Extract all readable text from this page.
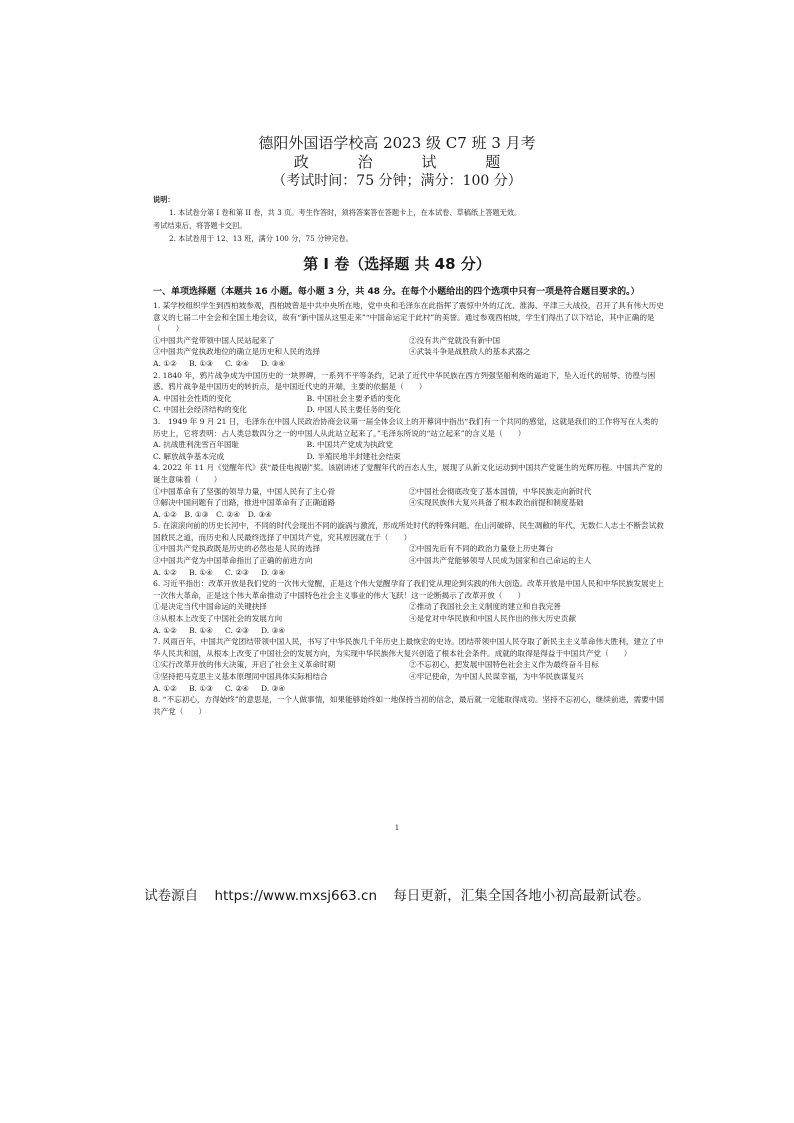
德阳外国语学校高 2023 级 C7 班 3 月考
政	治	试	题
（考试时间：75 分钟；满分：100 分）
说明：
1. 本试卷分第 I 卷和第 II 卷，共 3 页。考生作答时，须将答案答在答题卡上，在本试卷、草稿纸上答题无效。
考试结束后，将答题卡交回。
2. 本试卷用于 12、13 班，满分 100 分，75 分钟完卷。
第 I 卷（选择题 共 48 分）
一、单项选择题（本题共 16 小题。每小题 3 分，共 48 分。在每个小题给出的四个选项中只有一项是符合题目要求的。）
1. 某学校组织学生到西柏坡参观，西柏坡曾是中共中央所在地，党中央和毛泽东在此指挥了震惊中外的辽沈、淮海、平津三大战役，召开了具有伟大历史意义的七届二中全会和全国土地会议，故有“新中国从这里走来”“中国命运定于此村”的美誉。通过参观西柏坡，学生们得出了以下结论，其中正确的是（　　）
①中国共产党带领中国人民站起来了	②没有共产党就没有新中国
③中国共产党执政地位的确立是历史和人民的选择	④武装斗争是战胜敌人的基本武器之
A. ①② B. ①③ C. ②④ D. ③④
2. 1840 年，鸦片战争成为中国历史的一块界碑，一系列不平等条约，记录了近代中华民族在西方列强坚船利炮的逼迫下，坠入近代的屈辱、彷徨与困惑。鸦片战争是中国历史的转折点，是中国近代史的开端，主要的依据是（　　）
A. 中国社会性质的变化	B. 中国社会主要矛盾的变化
C. 中国社会经济结构的变化	D. 中国人民主要任务的变化
3.　1949 年 9 月 21 日，毛泽东在中国人民政治协商会议第一届全体会议上的开幕词中指出“我们有一个共同的感觉，这就是我们的工作将写在人类的历史上，它将表明：占人类总数四分之一的中国人从此站立起来了。”毛泽东所说的“站立起来”的含义是（　　）
A. 抗战胜利洗雪百年国耻	B. 中国共产党成为执政党
C. 解放战争基本完成	D. 半殖民地半封建社会结束
4. 2022 年 11 月《觉醒年代》获“最佳电视剧”奖。该剧讲述了觉醒年代的百态人生，展现了从新文化运动到中国共产党诞生的光辉历程。中国共产党的诞生意味着（　　）
①中国革命有了坚强的领导力量，中国人民有了主心骨	②中国社会彻底改变了基本国情，中华民族走向新时代
③解决中国问题有了出路，推进中国革命有了正确道路	④实现民族伟大复兴具备了根本政治前提和制度基础
A. ①②　B. ①③　C. ②④　D. ③④
5. 在滚滚向前的历史长河中，不同的时代会现出不同的漩涡与激流，形成所处时代的特殊问题。在山河破碎、民生凋敝的年代，无数仁人志士不断尝试救国救民之道，而历史和人民最终选择了中国共产党，究其原因就在于（　　）
①中国共产党执政既是历史的必然也是人民的选择	②中国先后有不同的政治力量登上历史舞台
③中国共产党为中国革命指出了正确的前进方向	④中国共产党能够领导人民成为国家和自己命运的主人
A. ①② B. ①④ C. ②③ D. ③④
6. 习近平指出：改革开放是我们党的一次伟大觉醒，正是这个伟大觉醒孕育了我们党从理论到实践的伟大创造。改革开放是中国人民和中华民族发展史上一次伟大革命，正是这个伟大革命推动了中国特色社会主义事业的伟大飞跃！这一论断揭示了改革开放（　　）
①是决定当代中国命运的关键抉择	②推动了我国社会主义制度的建立和自我完善
③从根本上改变了中国社会的发展方向	④是党对中华民族和中国人民作出的伟大历史贡献
A. ①② B. ①④ C. ②③ D. ③④
7. 风雨百年，中国共产党团结带领中国人民，书写了中华民族几千年历史上最恢宏的史诗。团结带领中国人民夺取了新民主主义革命伟大胜利，建立了中华人民共和国，从根本上改变了中国社会的发展方向，为实现中华民族伟大复兴创造了根本社会条件。成就的取得是得益于中国共产党（　　）
①实行改革开放的伟大决策，开启了社会主义革命时期	②不忘初心，把发展中国特色社会主义作为最终奋斗目标
③坚持把马克思主义基本原理同中国具体实际相结合	④牢记使命，为中国人民谋幸福，为中华民族谋复兴
A. ①② B. ①③ C. ②④ D. ③④
8. “不忘初心，方得始终”的意思是，一个人做事情，如果能够始终如一地保持当初的信念，最后就一定能取得成功。坚持不忘初心，继续前进，需要中国共产党（　　）
1
试卷源自 https://www.mxsj663.cn 每日更新，汇集全国各地小初高最新试卷。
